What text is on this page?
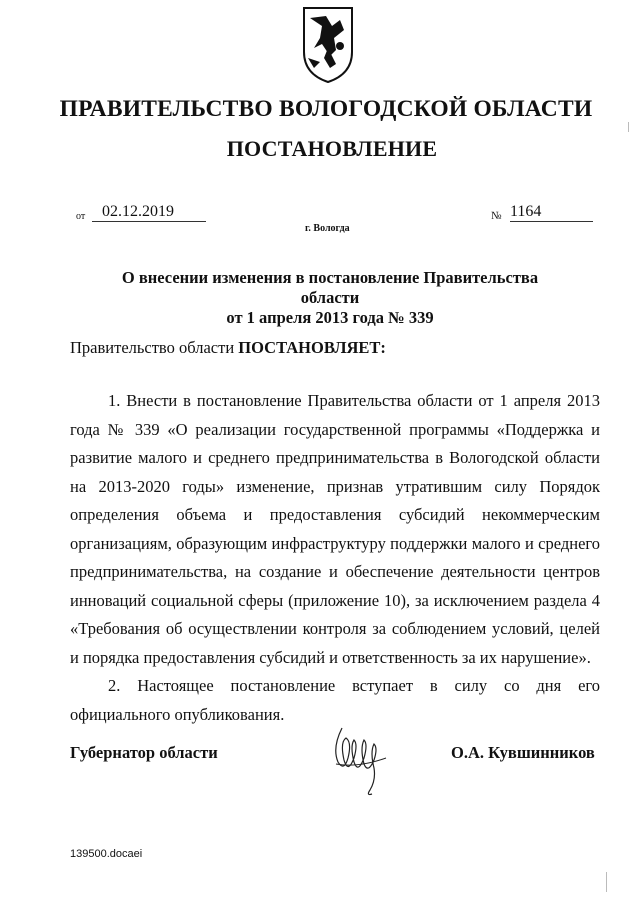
ПРАВИТЕЛЬСТВО ВОЛОГОДСКОЙ ОБЛАСТИ
ПОСТАНОВЛЕНИЕ
от	02.12.2019	№ 1164
г. Вологда
О внесении изменения в постановление Правительства области
от 1 апреля 2013 года № 339
Правительство области ПОСТАНОВЛЯЕТ:

1. Внести в постановление Правительства области от 1 апреля 2013 года № 339 «О реализации государственной программы «Поддержка и развитие малого и среднего предпринимательства в Вологодской области на 2013-2020 годы» изменение, признав утратившим силу Порядок определения объема и предоставления субсидий некоммерческим организациям, образующим инфраструктуру поддержки малого и среднего предпринимательства, на создание и обеспечение деятельности центров инноваций социальной сферы (приложение 10), за исключением раздела 4 «Требования об осуществлении контроля за соблюдением условий, целей и порядка предоставления субсидий и ответственность за их нарушение».

2. Настоящее постановление вступает в силу со дня его официального опубликования.

Губернатор области	О.А. Кувшинников
139500.docaei
